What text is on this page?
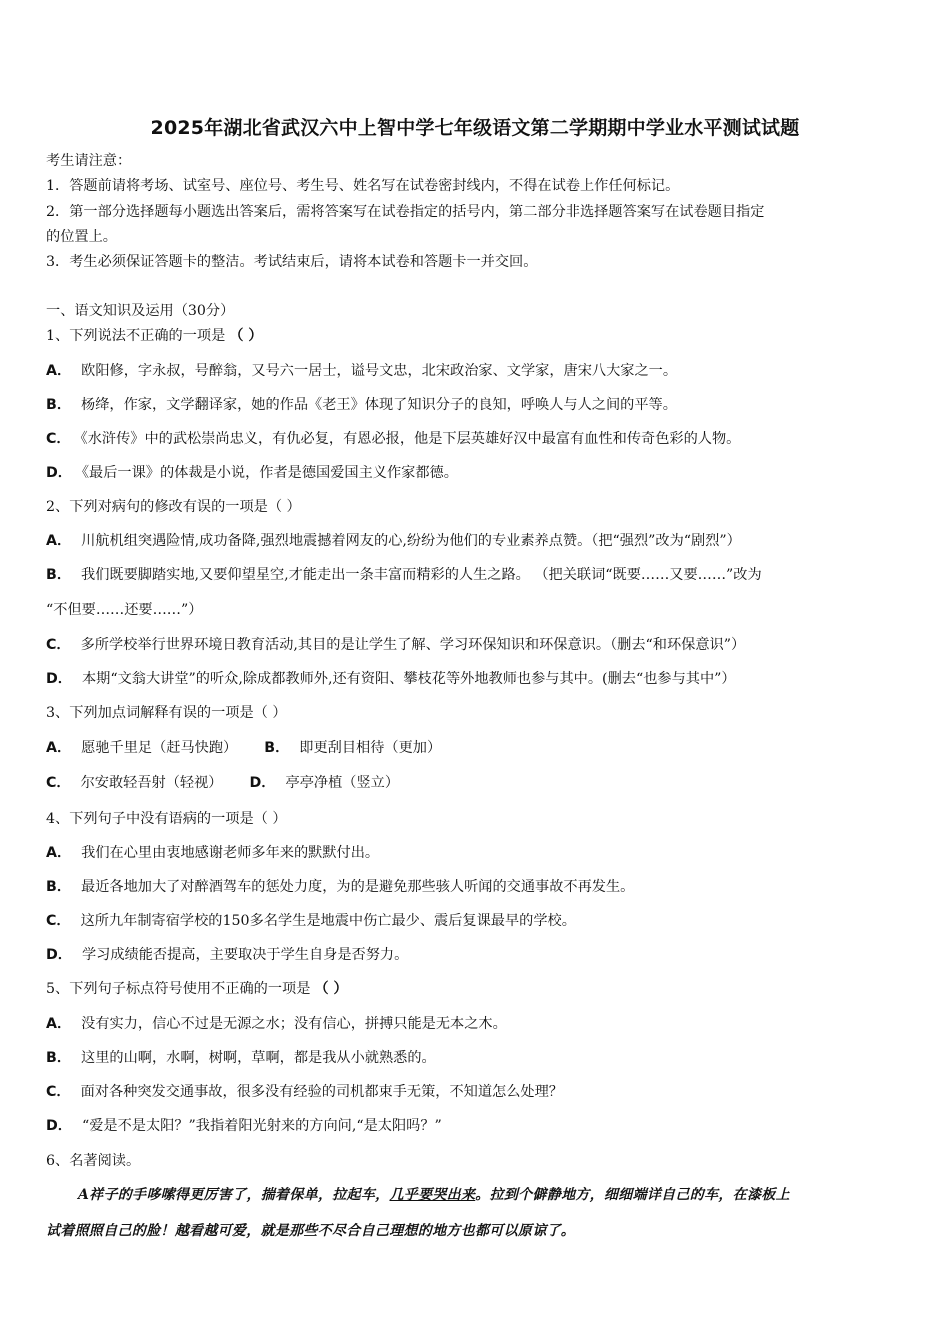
2025年湖北省武汉六中上智中学七年级语文第二学期期中学业水平测试试题
考生请注意：
1．答题前请将考场、试室号、座位号、考生号、姓名写在试卷密封线内，不得在试卷上作任何标记。
2．第一部分选择题每小题选出答案后，需将答案写在试卷指定的括号内，第二部分非选择题答案写在试卷题目指定
的位置上。
3．考生必须保证答题卡的整洁。考试结束后，请将本试卷和答题卡一并交回。
一、语文知识及运用（30分）
1、下列说法不正确的一项是 （ ）
A． 欧阳修，字永叔，号醉翁，又号六一居士，谥号文忠，北宋政治家、文学家，唐宋八大家之一。
B． 杨绛，作家，文学翻译家，她的作品《老王》体现了知识分子的良知，呼唤人与人之间的平等。
C． 《水浒传》中的武松崇尚忠义，有仇必复，有恩必报，他是下层英雄好汉中最富有血性和传奇色彩的人物。
D． 《最后一课》的体裁是小说，作者是德国爱国主义作家都德。
2、下列对病句的修改有误的一项是（ ）
A． 川航机组突遇险情,成功备降,强烈地震撼着网友的心,纷纷为他们的专业素养点赞。（把“强烈”改为“剧烈”）
B． 我们既要脚踏实地,又要仰望星空,才能走出一条丰富而精彩的人生之路。 （把关联词“既要……又要……”改为
“不但要……还要……”）
C． 多所学校举行世界环境日教育活动,其目的是让学生了解、学习环保知识和环保意识。（删去“和环保意识”）
D． 本期“文翁大讲堂”的听众,除成都教师外,还有资阳、攀枝花等外地教师也参与其中。(删去“也参与其中”）
3、下列加点词解释有误的一项是（ ）
A． 愿驰千里足（赶马快跑） B． 即更刮目相待（更加）
C． 尔安敢轻吾射（轻视） D． 亭亭净植（竖立）
4、下列句子中没有语病的一项是（ ）
A． 我们在心里由衷地感谢老师多年来的默默付出。
B． 最近各地加大了对醉酒驾车的惩处力度，为的是避免那些骇人听闻的交通事故不再发生。
C． 这所九年制寄宿学校的150多名学生是地震中伤亡最少、震后复课最早的学校。
D． 学习成绩能否提高，主要取决于学生自身是否努力。
5、下列句子标点符号使用不正确的一项是 （ ）
A． 没有实力，信心不过是无源之水；没有信心，拼搏只能是无本之木。
B． 这里的山啊，水啊，树啊，草啊，都是我从小就熟悉的。
C． 面对各种突发交通事故，很多没有经验的司机都束手无策，不知道怎么处理？
D． “爱是不是太阳？”我指着阳光射来的方向问,“是太阳吗？”
6、名著阅读。
A祥子的手哆嗦得更厉害了，揣着保单，拉起车，几乎要哭出来。拉到个僻静地方，细细端详自己的车，在漆板上
试着照照自己的脸！越看越可爱，就是那些不尽合自己理想的地方也都可以原谅了。
